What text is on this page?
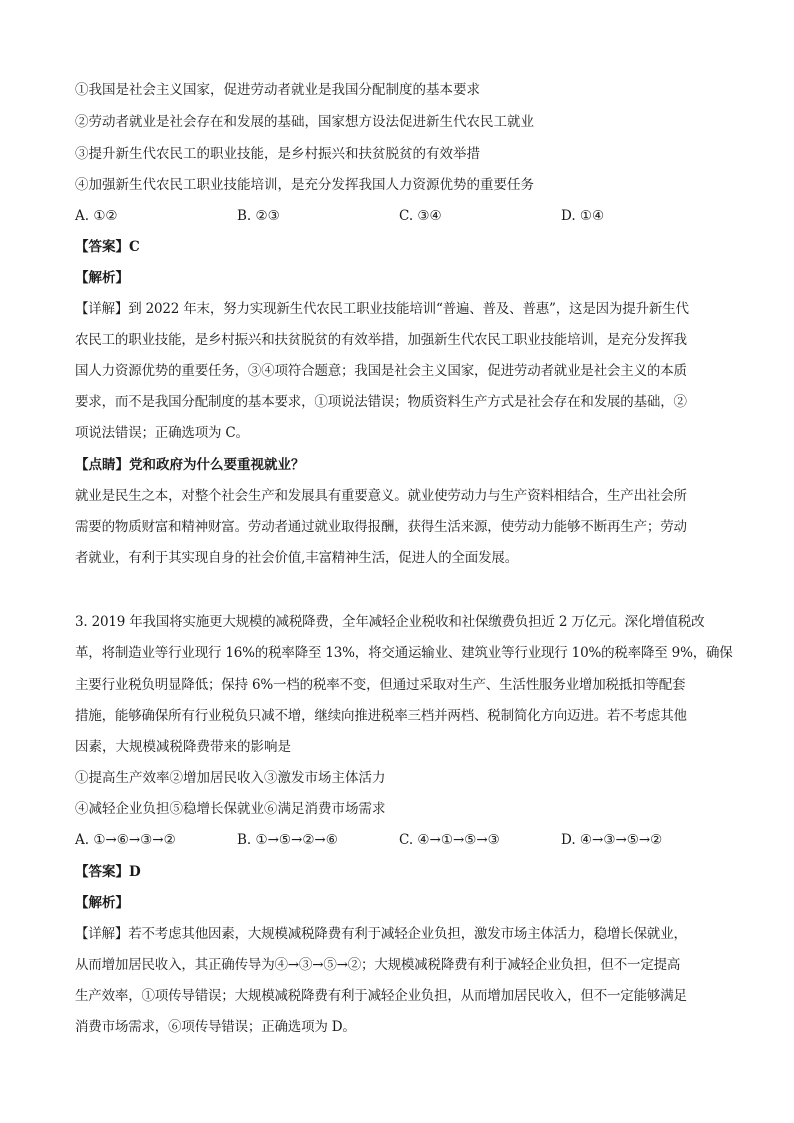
①我国是社会主义国家，促进劳动者就业是我国分配制度的基本要求
②劳动者就业是社会存在和发展的基础，国家想方设法促进新生代农民工就业
③提升新生代农民工的职业技能，是乡村振兴和扶贫脱贫的有效举措
④加强新生代农民工职业技能培训，是充分发挥我国人力资源优势的重要任务
A. ①②	B. ②③	C. ③④	D. ①④
【答案】C
【解析】
【详解】到 2022 年末，努力实现新生代农民工职业技能培训“普遍、普及、普惠”，这是因为提升新生代
农民工的职业技能，是乡村振兴和扶贫脱贫的有效举措，加强新生代农民工职业技能培训，是充分发挥我
国人力资源优势的重要任务，③④项符合题意；我国是社会主义国家，促进劳动者就业是社会主义的本质
要求，而不是我国分配制度的基本要求，①项说法错误；物质资料生产方式是社会存在和发展的基础，②
项说法错误；正确选项为 C。
【点睛】党和政府为什么要重视就业？
就业是民生之本，对整个社会生产和发展具有重要意义。就业使劳动力与生产资料相结合，生产出社会所
需要的物质财富和精神财富。劳动者通过就业取得报酬，获得生活来源，使劳动力能够不断再生产；劳动
者就业，有利于其实现自身的社会价值,丰富精神生活，促进人的全面发展。
3. 2019 年我国将实施更大规模的减税降费，全年减轻企业税收和社保缴费负担近 2 万亿元。深化增值税改
革，将制造业等行业现行 16%的税率降至 13%，将交通运输业、建筑业等行业现行 10%的税率降至 9%，确保
主要行业税负明显降低；保持 6%一档的税率不变，但通过采取对生产、生活性服务业增加税抵扣等配套
措施，能够确保所有行业税负只减不增，继续向推进税率三档并两档、税制简化方向迈进。若不考虑其他
因素，大规模减税降费带来的影响是
①提高生产效率②增加居民收入③激发市场主体活力
④减轻企业负担⑤稳增长保就业⑥满足消费市场需求
A. ①→⑥→③→②	B. ①→⑤→②→⑥	C. ④→①→⑤→③	D. ④→③→⑤→②
【答案】D
【解析】
【详解】若不考虑其他因素，大规模减税降费有利于减轻企业负担，激发市场主体活力，稳增长保就业，
从而增加居民收入，其正确传导为④→③→⑤→②；大规模减税降费有利于减轻企业负担，但不一定提高
生产效率，①项传导错误；大规模减税降费有利于减轻企业负担，从而增加居民收入，但不一定能够满足
消费市场需求，⑥项传导错误；正确选项为 D。
